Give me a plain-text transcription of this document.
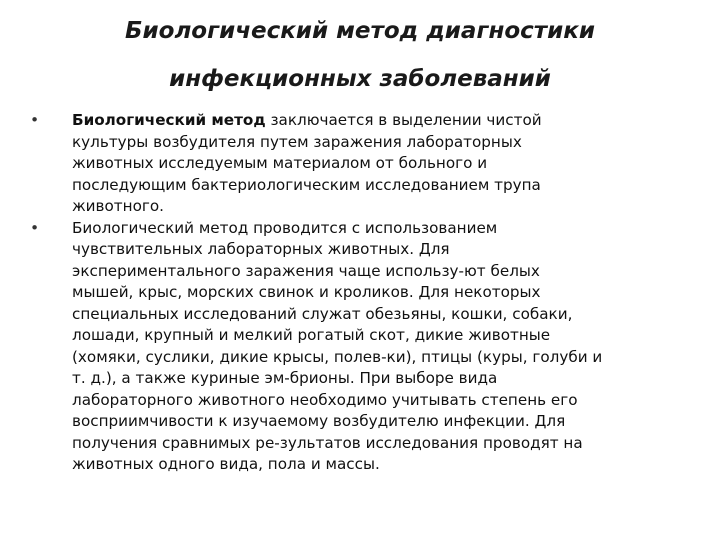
Биологический метод диагностики
инфекционных заболеваний
•	Биологический метод заключается в выделении чистой
культуры возбудителя путем заражения лабораторных
животных исследуемым материалом от больного и
последующим бактериологическим исследованием трупа
животного.
•	Биологический метод проводится с использованием
чувствительных лабораторных животных. Для
экспериментального заражения чаще использу-ют белых
мышей, крыс, морских свинок и кроликов. Для некоторых
специальных исследований служат обезьяны, кошки, собаки,
лошади, крупный и мелкий рогатый скот, дикие животные
(хомяки, суслики, дикие крысы, полев-ки), птицы (куры, голуби и
т. д.), а также куриные эм-брионы. При выборе вида
лабораторного животного необходимо учитывать степень его
восприимчивости к изучаемому возбудителю инфекции. Для
получения сравнимых ре-зультатов исследования проводят на
животных одного вида, пола и массы.
